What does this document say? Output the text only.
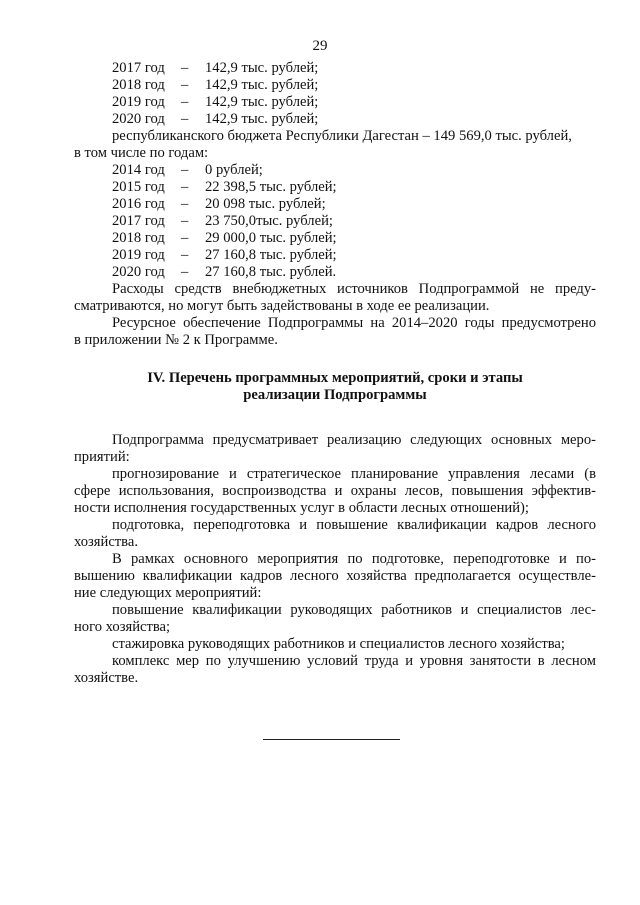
29
2017 год	–	142,9 тыс. рублей;
2018 год	–	142,9 тыс. рублей;
2019 год	–	142,9 тыс. рублей;
2020 год	–	142,9 тыс. рублей;
республиканского бюджета Республики Дагестан – 149 569,0 тыс. рублей,
в том числе по годам:
2014 год	–	0 рублей;
2015 год	–	22 398,5 тыс. рублей;
2016 год	–	20 098 тыс. рублей;
2017 год	–	23 750,0тыс. рублей;
2018 год	–	29 000,0 тыс. рублей;
2019 год	–	27 160,8 тыс. рублей;
2020 год	–	27 160,8 тыс. рублей.
Расходы средств внебюджетных источников Подпрограммой не преду-
сматриваются, но могут быть задействованы в ходе ее реализации.
Ресурсное обеспечение Подпрограммы на 2014–2020 годы предусмотрено
в приложении № 2 к Программе.
IV. Перечень программных мероприятий, сроки и этапы
реализации Подпрограммы
Подпрограмма предусматривает реализацию следующих основных меро-
приятий:
прогнозирование и стратегическое планирование управления лесами (в
сфере использования, воспроизводства и охраны лесов, повышения эффектив-
ности исполнения государственных услуг в области лесных отношений);
подготовка, переподготовка и повышение квалификации кадров лесного
хозяйства.
В рамках основного мероприятия по подготовке, переподготовке и по-
вышению квалификации кадров лесного хозяйства предполагается осуществле-
ние следующих мероприятий:
повышение квалификации руководящих работников и специалистов лес-
ного хозяйства;
стажировка руководящих работников и специалистов лесного хозяйства;
комплекс мер по улучшению условий труда и уровня занятости в лесном
хозяйстве.
